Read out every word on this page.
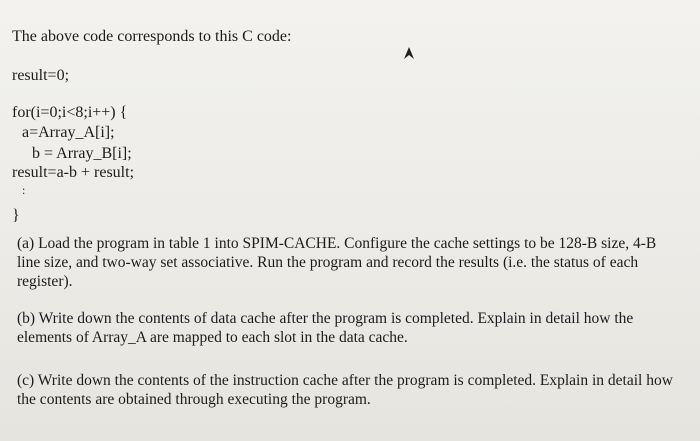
The above code corresponds to this C code:
result=0;
for(i=0;i<8;i++) {
a=Array_A[i];
b = Array_B[i];
result=a-b + result;
:
}
(a) Load the program in table 1 into SPIM-CACHE. Configure the cache settings to be 128-B size, 4-B line size, and two-way set associative. Run the program and record the results (i.e. the status of each register).
(b) Write down the contents of data cache after the program is completed. Explain in detail how the elements of Array_A are mapped to each slot in the data cache.
(c) Write down the contents of the instruction cache after the program is completed. Explain in detail how the contents are obtained through executing the program.
